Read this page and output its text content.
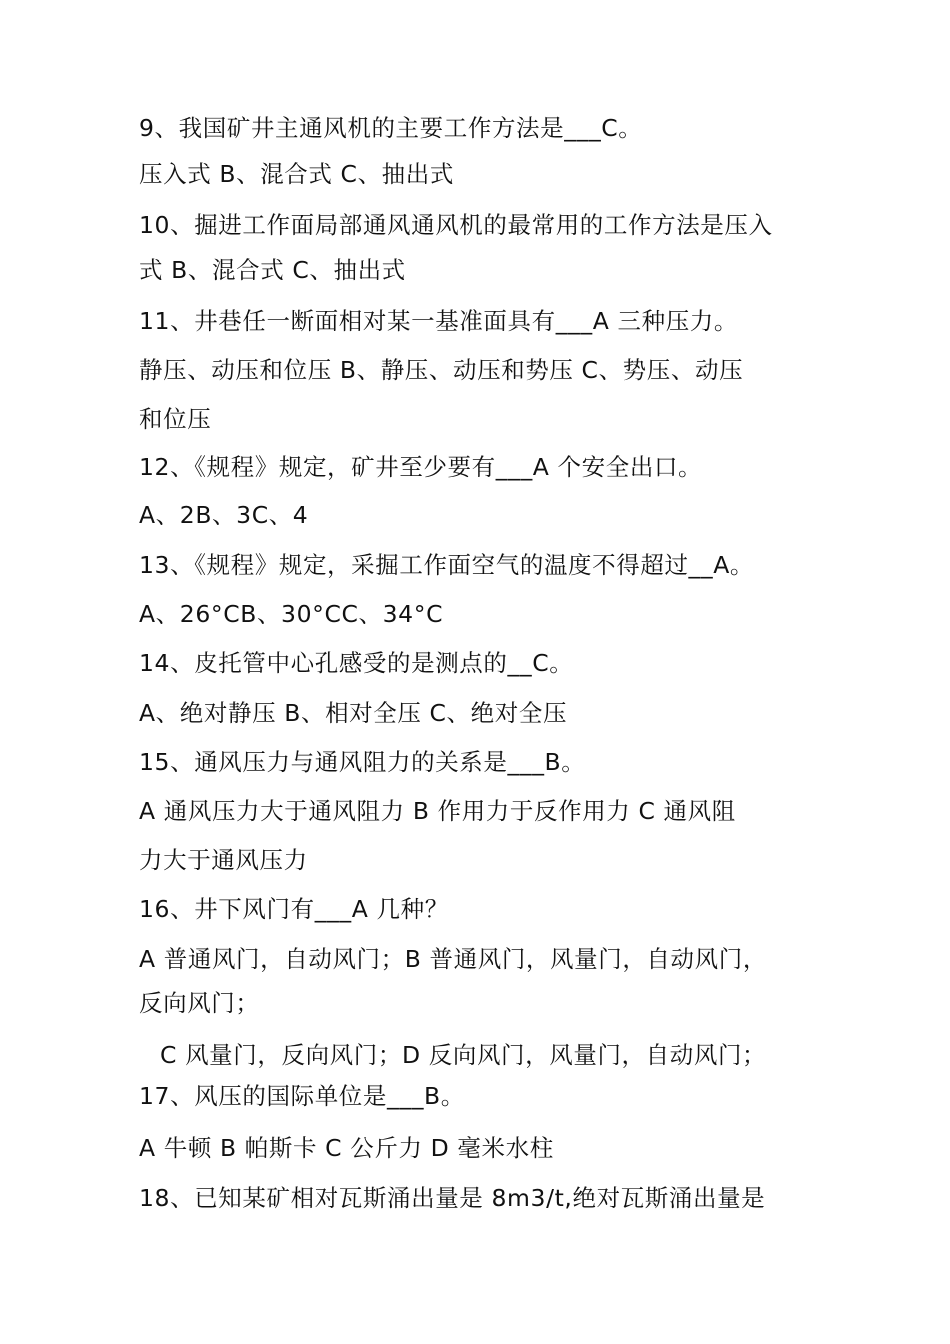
9、我国矿井主通风机的主要工作方法是___C。
压入式 B、混合式 C、抽出式
10、掘进工作面局部通风通风机的最常用的工作方法是压入
式 B、混合式 C、抽出式
11、井巷任一断面相对某一基准面具有___A 三种压力。
静压、动压和位压 B、静压、动压和势压 C、势压、动压
和位压
12、《规程》规定，矿井至少要有___A 个安全出口。
A、2B、3C、4
13、《规程》规定，采掘工作面空气的温度不得超过__A。
A、26°CB、30°CC、34°C
14、皮托管中心孔感受的是测点的__C。
A、绝对静压 B、相对全压 C、绝对全压
15、通风压力与通风阻力的关系是___B。
A 通风压力大于通风阻力 B 作用力于反作用力 C 通风阻
力大于通风压力
16、井下风门有___A 几种？
A 普通风门，自动风门；B 普通风门，风量门，自动风门，
反向风门；
C 风量门，反向风门；D 反向风门，风量门，自动风门；
17、风压的国际单位是___B。
A 牛顿 B 帕斯卡 C 公斤力 D 毫米水柱
18、已知某矿相对瓦斯涌出量是 8m3/t,绝对瓦斯涌出量是
